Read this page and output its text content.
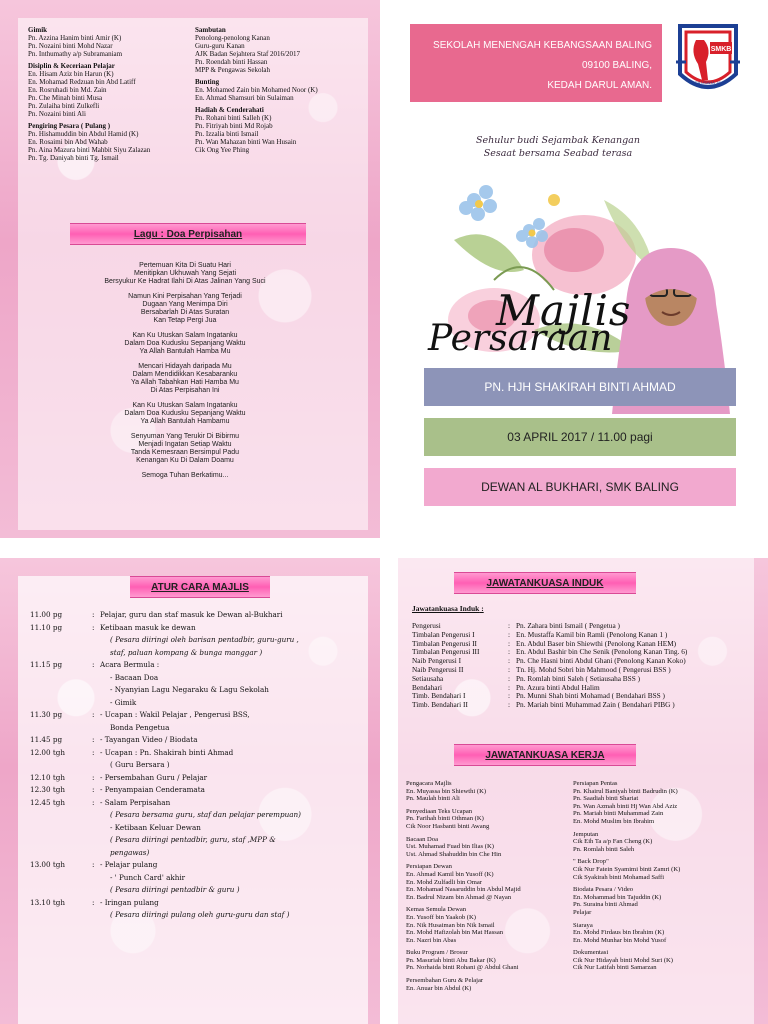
Gimik
Pn. Azzina Hanim binti Amir (K)
Pn. Nozaini binti Mohd Nazar
Pn. Inthumathy a/p Subramaniam
Disiplin & Keceriaan Pelajar
En. Hisam Aziz bin Harun (K)
En. Mohamad Redzuan bin Abd Latiff
En. Rosruhadi bin Md. Zain
Pn. Che Minah binti Musa
Pn. Zulaiha binti Zulkefli
Pn. Nozaini binti Ali
Pengiring Pesara ( Pulang )
Pn. Hishamuddin bin Abdul Hamid (K)
En. Rosaimi bin Abd Wahab
Pn. Aina Mazura binti Mahbit Siyu Zalazan
Pn. Tg. Daniyah binti Tg. Ismail
Sambutan
Penolong-penolong Kanan
Guru-guru Kanan
AJK Badan Sejahtera Staf 2016/2017
Pn. Roendah binti Hassan
MPP & Pengawas Sekolah
Bunting
En. Mohamed Zain bin Mohamed Noor (K)
En. Ahmad Shamsuri bin Sulaiman
Hadiah & Cenderahati
Pn. Rohani binti Salleh (K)
Pn. Fitriyah binti Md Rojab
Pn. Izzalia binti Ismail
Pn. Wan Mahazan binti Wan Husain
Cik Ong Yee Phing
Lagu : Doa Perpisahan
Pertemuan Kita Di Suatu Hari
Menitipkan Ukhuwah Yang Sejati
Bersyukur Ke Hadrat Ilahi Di Atas Jalinan Yang Suci
Namun Kini Perpisahan Yang Terjadi
Dugaan Yang Menimpa Diri
Bersabarlah Di Atas Suratan
Kan Tetap Pergi Jua
Kan Ku Utuskan Salam Ingatanku
Dalam Doa Kudusku Sepanjang Waktu
Ya Allah Bantulah Hamba Mu
Mencari Hidayah daripada Mu
Dalam Mendidikkan Kesabaranku
Ya Allah Tabahkan Hati Hamba Mu
Di Atas Perpisahan Ini
Kan Ku Utuskan Salam Ingatanku
Dalam Doa Kudusku Sepanjang Waktu
Ya Allah Bantulah Hambamu
Senyuman Yang Terukir Di Bibirmu
Menjadi Ingatan Setiap Waktu
Tanda Kemesraan Bersimpul Padu
Kenangan Ku Di Dalam Doamu
Semoga Tuhan Berkatimu...
SEKOLAH MENENGAH KEBANGSAAN BALING
09100 BALING,
KEDAH DARUL AMAN.
SMKB
DIRA USAHA JAYA
Sehulur budi Sejambak Kenangan
Sesaat bersama Seabad terasa
Majlis
Persaraan
PN. HJH SHAKIRAH BINTI AHMAD
03 APRIL 2017 / 11.00 pagi
DEWAN AL BUKHARI, SMK BALING
ATUR CARA MAJLIS
11.00 pg	: Pelajar, guru dan staf masuk ke Dewan al-Bukhari
11.10 pg	: Ketibaan masuk ke dewan
( Pesara diiringi oleh barisan pentadbir, guru-guru ,
staf, paluan kompang & bunga manggar )
11.15 pg	: Acara Bermula :
- Bacaan Doa
- Nyanyian Lagu Negaraku & Lagu Sekolah
- Gimik
11.30 pg	: - Ucapan : Wakil Pelajar , Pengerusi BSS,
Bonda Pengetua
11.45 pg	: - Tayangan Video / Biodata
12.00 tgh	: - Ucapan : Pn. Shakirah binti Ahmad
( Guru Bersara )
12.10 tgh	: - Persembahan Guru / Pelajar
12.30 tgh	: - Penyampaian Cenderamata
12.45 tgh	: - Salam Perpisahan
( Pesara bersama guru, staf dan pelajar perempuan)
- Ketibaan Keluar Dewan
( Pesara diiringi pentadbir, guru, staf ,MPP &
pengawas)
13.00 tgh	: - Pelajar pulang
- ' Punch Card' akhir
( Pesara diiringi pentadbir & guru )
13.10 tgh	: - Iringan pulang
( Pesara diiringi pulang oleh guru-guru dan staf )
JAWATANKUASA INDUK
Jawatankuasa Induk :
Pengerusi	: Pn. Zahara binti Ismail ( Pengetua )
Timbalan Pengerusi I	: En. Mustaffa Kamil bin Ramli (Penolong Kanan 1 )
Timbalan Pengerusi II	: En. Abdul Baser bin Shiewthi (Penolong Kanan HEM)
Timbalan Pengerusi III	: En. Abdul Bashir bin Che Senik (Penolong Kanan Ting. 6)
Naib Pengerusi I	: Pn. Che Hasni binti Abdul Ghani (Penolong Kanan Koko)
Naib Pengerusi II	: Tn. Hj. Mohd Sobri bin Mahmood ( Pengerusi BSS )
Setiausaha	: Pn. Romlah binti Saleh ( Setiausaha BSS )
Bendahari	: Pn. Azura binti Abdul Halim
Timb. Bendahari I	: Pn. Munni Shah binti Mohamad ( Bendahari BSS )
Timb. Bendahari II	: Pn. Mariah binti Muhammad Zain ( Bendahari PIBG )
JAWATANKUASA KERJA
Pengacara Majlis
En. Muyassa bin Shiewthi (K)
Pn. Maulah binti Ali
Penyediaan Teks Ucapan
Pn. Farihah binti Othman (K)
Cik Noor Hasbanti binti Awang
Bacaan Doa
Ust. Muhamad Fuad bin Ilias (K)
Ust. Ahmad Shahuddin bin Che Hin
Persiapan Dewan
En. Ahmad Kamil bin Yusoff (K)
En. Mohd Zulfadli bin Omar
En. Mohamad Nasaruddin bin Abdul Majid
En. Badrul Nizam bin Ahmad @ Nayan
Kemas Semula Dewan
En. Yusoff bin Yaakob (K)
En. Nik Husaiman bin Nik Ismail
En. Mohd Hafizolah bin Mat Hassan
En. Nazri bin Abas
Buku Program / Brosur
Pn. Masuriah binti Abu Bakar (K)
Pn. Norhaida binti Rohani @ Abdul Ghani
Persembahan Guru & Pelajar
En. Anuar bin Abdul (K)
Persiapan Pentas
Pn. Khairul Baniyah binti Badrudin (K)
Pn. Saadiah binti Shariat
Pn. Wan Azmah binti Hj Wan Abd Aziz
Pn. Mariah binti Muhammad Zain
En. Mohd Muslim bin Ibrahim
Jemputan
Cik Eih Ta a/p Fan Cheng (K)
Pn. Romlah binti Saleh
" Back Drop"
Cik Nur Fatein Syamimi binti Zamri (K)
Cik Syakirah binti Mohamad Saffi
Biodata Pesara / Video
En. Mohammad bin Tajuddin (K)
Pn. Suraina binti Ahmad
Pelajar
Siaraya
En. Mohd Firdaus bin Ibrahim (K)
En. Mohd Munhar bin Mohd Yusof
Dokumentasi
Cik Nur Hidayah binti Mohd Suri (K)
Cik Nur Latifah binti Samarzan
